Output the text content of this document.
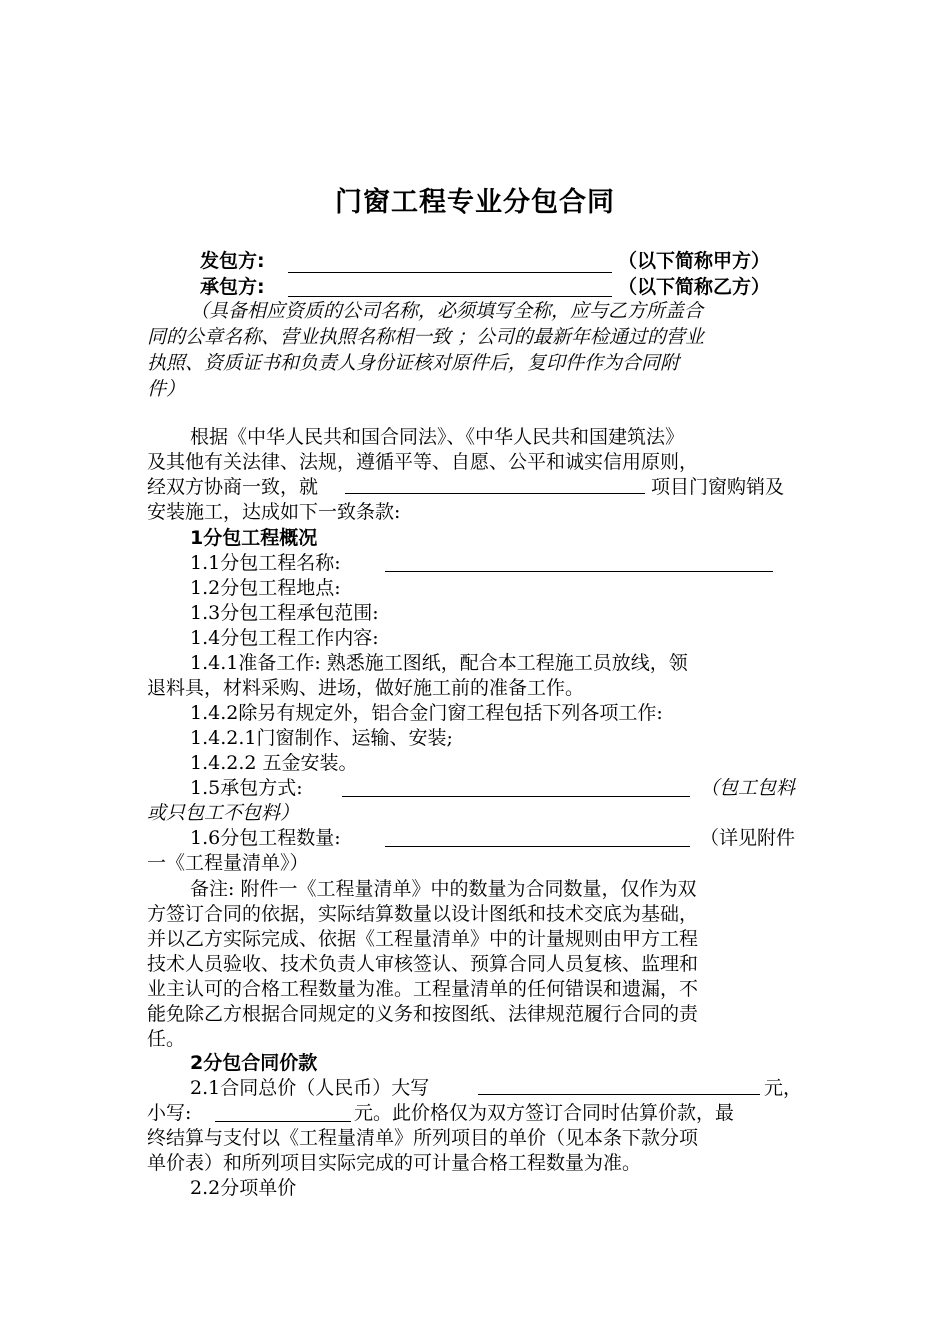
门窗工程专业分包合同
发包方:	（以下简称甲方）
承包方:	（以下简称乙方）
（具备相应资质的公司名称，必须填写全称，应与乙方所盖合
同的公章名称、营业执照名称相一致 ；公司的最新年检通过的营业
执照、资质证书和负责人身份证核对原件后，复印件作为合同附
件）
根据《中华人民共和国合同法》、《中华人民共和国建筑法》
及其他有关法律、法规，遵循平等、自愿、公平和诚实信用原则，
经双方协商一致，就	项目门窗购销及
安装施工，达成如下一致条款:
1分包工程概况
1.1分包工程名称:
1.2分包工程地点:
1.3分包工程承包范围:
1.4分包工程工作内容:
1.4.1准备工作: 熟悉施工图纸，配合本工程施工员放线，领
退料具，材料采购、进场，做好施工前的准备工作。
1.4.2除另有规定外，铝合金门窗工程包括下列各项工作:
1.4.2.1门窗制作、运输、安装;
1.4.2.2 五金安装。
1.5承包方式:	（包工包料
或只包工不包料）
1.6分包工程数量:	（详见附件
一《工程量清单》）
备注: 附件一《工程量清单》中的数量为合同数量，仅作为双
方签订合同的依据，实际结算数量以设计图纸和技术交底为基础，
并以乙方实际完成、依据《工程量清单》中的计量规则由甲方工程
技术人员验收、技术负责人审核签认、预算合同人员复核、监理和
业主认可的合格工程数量为准。工程量清单的任何错误和遗漏，不
能免除乙方根据合同规定的义务和按图纸、法律规范履行合同的责
任。
2分包合同价款
2.1合同总价（人民币）大写	元，
小写:	元。此价格仅为双方签订合同时估算价款，最
终结算与支付以《工程量清单》所列项目的单价（见本条下款分项
单价表）和所列项目实际完成的可计量合格工程数量为准。
2.2分项单价
